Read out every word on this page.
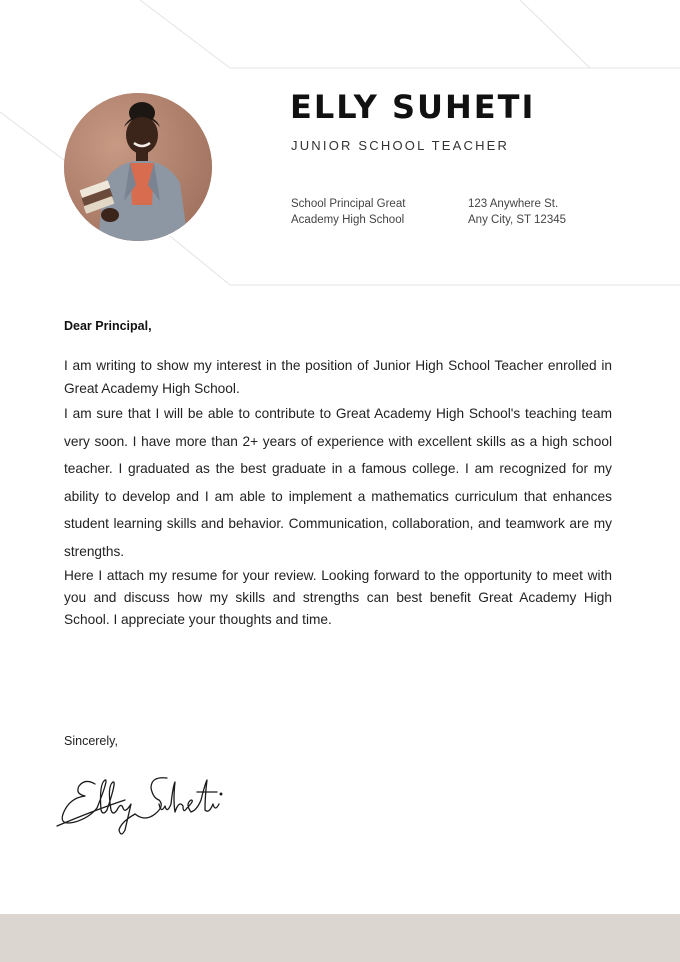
ELLY SUHETI
JUNIOR SCHOOL TEACHER
School Principal Great
Academy High School
123 Anywhere St.
Any City, ST 12345
Dear Principal,

I am writing to show my interest in the position of Junior High School Teacher enrolled in Great Academy High School.

I am sure that I will be able to contribute to Great Academy High School's teaching team very soon. I have more than 2+ years of experience with excellent skills as a high school teacher. I graduated as the best graduate in a famous college. I am recognized for my ability to develop and I am able to implement a mathematics curriculum that enhances student learning skills and behavior. Communication, collaboration, and teamwork are my strengths.

Here I attach my resume for your review. Looking forward to the opportunity to meet with you and discuss how my skills and strengths can best benefit Great Academy High School. I appreciate your thoughts and time.

Sincerely,
